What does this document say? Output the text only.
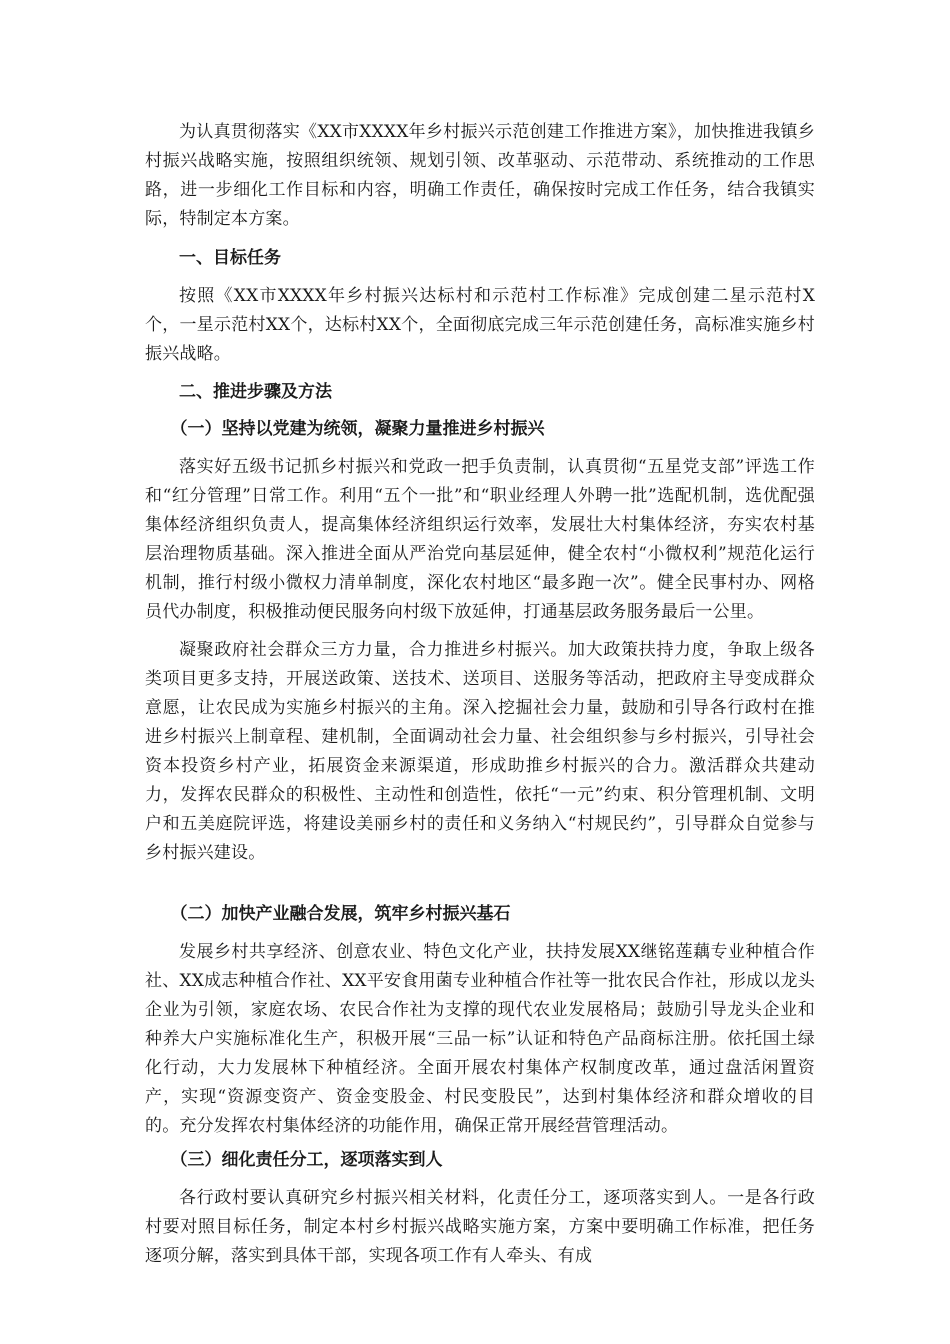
为认真贯彻落实《XX市XXXX年乡村振兴示范创建工作推进方案》，加快推进我镇乡村振兴战略实施，按照组织统领、规划引领、改革驱动、示范带动、系统推动的工作思路，进一步细化工作目标和内容，明确工作责任，确保按时完成工作任务，结合我镇实际，特制定本方案。

一、目标任务

按照《XX市XXXX年乡村振兴达标村和示范村工作标准》完成创建二星示范村X个，一星示范村XX个，达标村XX个，全面彻底完成三年示范创建任务，高标准实施乡村振兴战略。

二、推进步骤及方法
（一）坚持以党建为统领，凝聚力量推进乡村振兴

落实好五级书记抓乡村振兴和党政一把手负责制，认真贯彻“五星党支部”评选工作和“红分管理”日常工作。利用“五个一批”和“职业经理人外聘一批”选配机制，选优配强集体经济组织负责人，提高集体经济组织运行效率，发展壮大村集体经济，夯实农村基层治理物质基础。深入推进全面从严治党向基层延伸，健全农村“小微权利”规范化运行机制，推行村级小微权力清单制度，深化农村地区“最多跑一次”。健全民事村办、网格员代办制度，积极推动便民服务向村级下放延伸，打通基层政务服务最后一公里。

凝聚政府社会群众三方力量，合力推进乡村振兴。加大政策扶持力度，争取上级各类项目更多支持，开展送政策、送技术、送项目、送服务等活动，把政府主导变成群众意愿，让农民成为实施乡村振兴的主角。深入挖掘社会力量，鼓励和引导各行政村在推进乡村振兴上制章程、建机制，全面调动社会力量、社会组织参与乡村振兴，引导社会资本投资乡村产业，拓展资金来源渠道，形成助推乡村振兴的合力。激活群众共建动力，发挥农民群众的积极性、主动性和创造性，依托“一元”约束、积分管理机制、文明户和五美庭院评选，将建设美丽乡村的责任和义务纳入“村规民约”，引导群众自觉参与乡村振兴建设。

（二）加快产业融合发展，筑牢乡村振兴基石

发展乡村共享经济、创意农业、特色文化产业，扶持发展XX继铭莲藕专业种植合作社、XX成志种植合作社、XX平安食用菌专业种植合作社等一批农民合作社，形成以龙头企业为引领，家庭农场、农民合作社为支撑的现代农业发展格局；鼓励引导龙头企业和种养大户实施标准化生产，积极开展“三品一标”认证和特色产品商标注册。依托国土绿化行动，大力发展林下种植经济。全面开展农村集体产权制度改革，通过盘活闲置资产，实现“资源变资产、资金变股金、村民变股民”，达到村集体经济和群众增收的目的。充分发挥农村集体经济的功能作用，确保正常开展经营管理活动。

（三）细化责任分工，逐项落实到人

各行政村要认真研究乡村振兴相关材料，化责任分工，逐项落实到人。一是各行政村要对照目标任务，制定本村乡村振兴战略实施方案，方案中要明确工作标准，把任务逐项分解，落实到具体干部，实现各项工作有人牵头、有成
